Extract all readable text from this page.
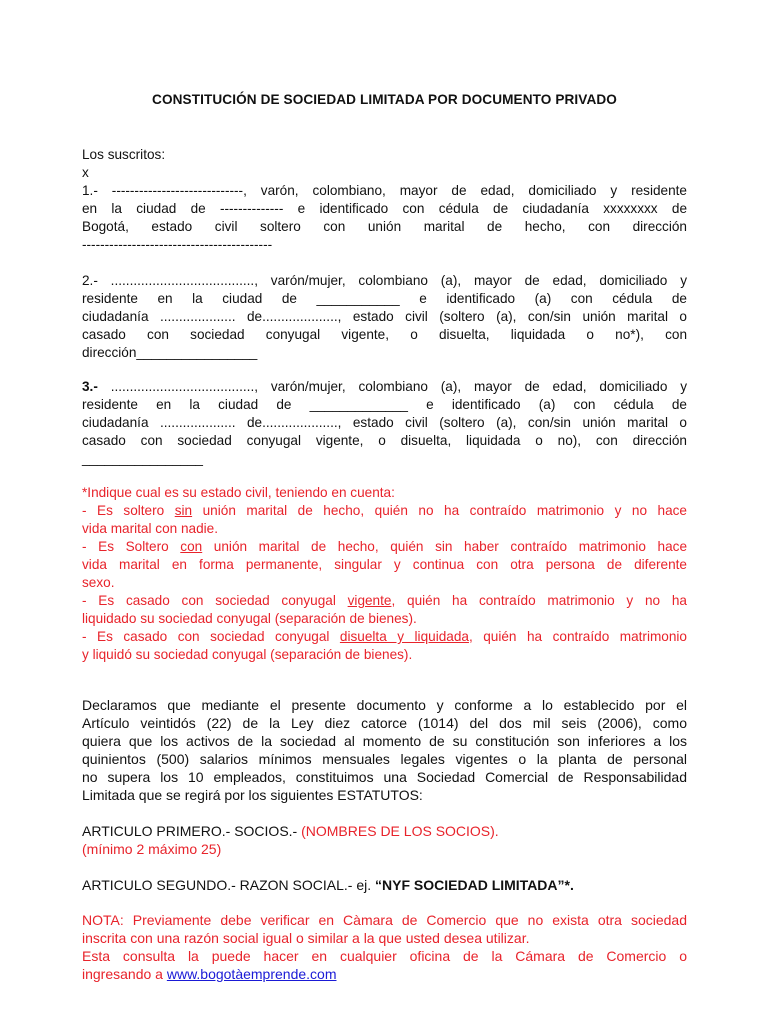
CONSTITUCIÓN DE SOCIEDAD LIMITADA POR DOCUMENTO PRIVADO
Los suscritos:
x
1.- -----------------------------, varón, colombiano, mayor de edad, domiciliado y residente
en la ciudad de -------------- e identificado con cédula de ciudadanía xxxxxxxx de
Bogotá, estado civil soltero con unión marital de hecho, con dirección
------------------------------------------
2.- ......................................, varón/mujer, colombiano (a), mayor de edad, domiciliado y
residente en la ciudad de ___________ e identificado (a) con cédula de
ciudadanía .................... de...................., estado civil (soltero (a), con/sin unión marital o
casado con sociedad conyugal vigente, o disuelta, liquidada o no*), con
dirección________________
3.- ......................................, varón/mujer, colombiano (a), mayor de edad, domiciliado y
residente en la ciudad de _____________ e identificado (a) con cédula de
ciudadanía .................... de...................., estado civil (soltero (a), con/sin unión marital o
casado con sociedad conyugal vigente, o disuelta, liquidada o no), con dirección
________________
*Indique cual es su estado civil, teniendo en cuenta:
- Es soltero sin unión marital de hecho, quién no ha contraído matrimonio y no hace
vida marital con nadie.
- Es Soltero con unión marital de hecho, quién sin haber contraído matrimonio hace
vida marital en forma permanente, singular y continua con otra persona de diferente
sexo.
- Es casado con sociedad conyugal vigente, quién ha contraído matrimonio y no ha
liquidado su sociedad conyugal (separación de bienes).
- Es casado con sociedad conyugal disuelta y liquidada, quién ha contraído matrimonio
y liquidó su sociedad conyugal (separación de bienes).
Declaramos que mediante el presente documento y conforme a lo establecido por el
Artículo veintidós (22) de la Ley diez catorce (1014) del dos mil seis (2006), como
quiera que los activos de la sociedad al momento de su constitución son inferiores a los
quinientos (500) salarios mínimos mensuales legales vigentes o la planta de personal
no supera los 10 empleados, constituimos una Sociedad Comercial de Responsabilidad
Limitada que se regirá por los siguientes ESTATUTOS:
ARTICULO PRIMERO.- SOCIOS.- (NOMBRES DE LOS SOCIOS).
(mínimo 2 máximo 25)
ARTICULO SEGUNDO.- RAZON SOCIAL.- ej. “NYF SOCIEDAD LIMITADA”*.
NOTA: Previamente debe verificar en Càmara de Comercio que no exista otra sociedad
inscrita con una razón social igual o similar a la que usted desea utilizar.
Esta consulta la puede hacer en cualquier oficina de la Cámara de Comercio o
ingresando a www.bogotàemprende.com
